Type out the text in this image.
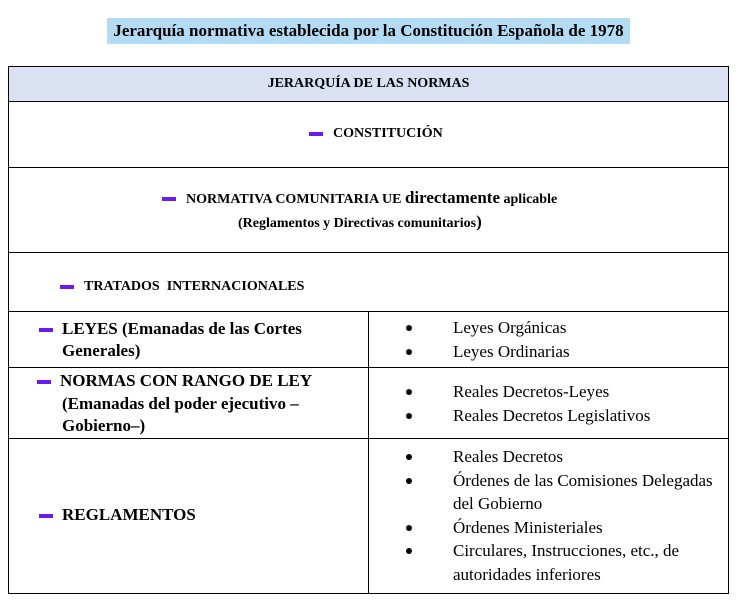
Jerarquía normativa establecida por la Constitución Española de 1978
JERARQUÍA DE LAS NORMAS
CONSTITUCIÓN
NORMATIVA COMUNITARIA UE directamente aplicable
(Reglamentos y Directivas comunitarios)

TRATADOS  INTERNACIONALES

LEYES (Emanadas de las Cortes
Generales)
Leyes Orgánicas
Leyes Ordinarias
NORMAS CON RANGO DE LEY
(Emanadas del poder ejecutivo –
Gobierno–)
Reales Decretos-Leyes
Reales Decretos Legislativos
REGLAMENTOS
Reales Decretos
Órdenes de las Comisiones Delegadas del Gobierno
Órdenes Ministeriales
Circulares, Instrucciones, etc., de autoridades inferiores
